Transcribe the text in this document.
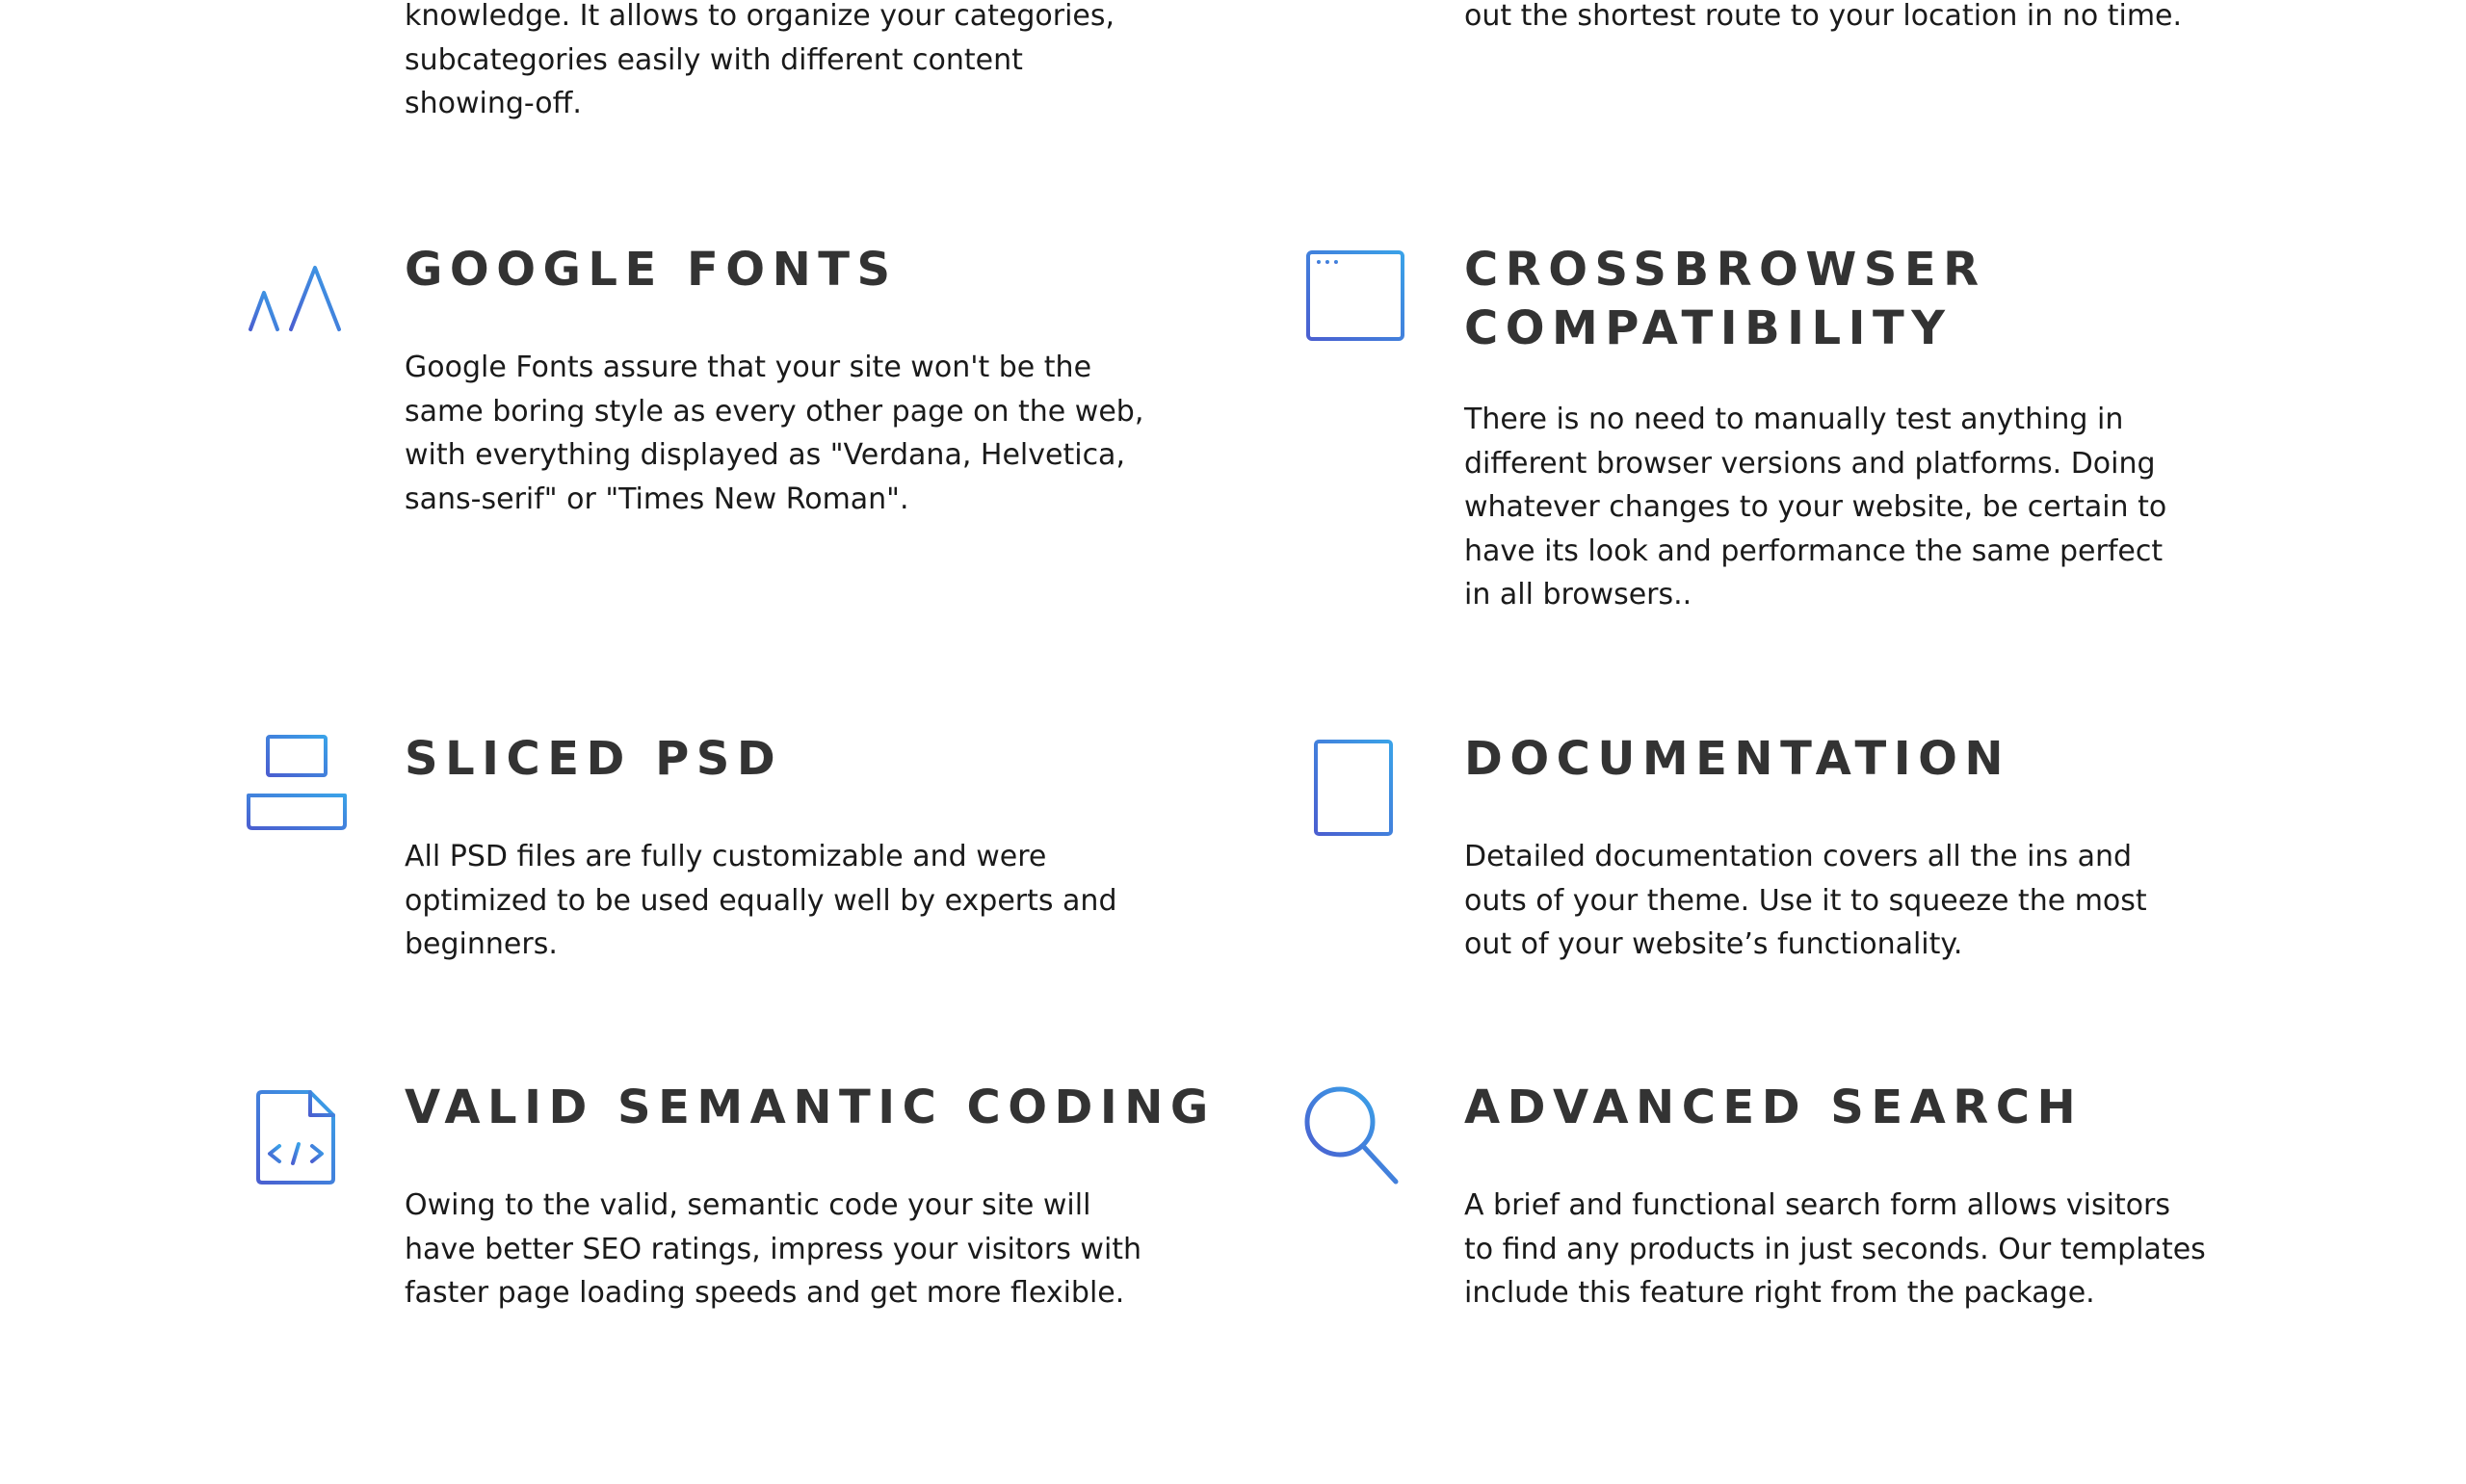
knowledge. It allows to organize your categories,
subcategories easily with different content
showing-off.

out the shortest route to your location in no time.

GOOGLE FONTS

Google Fonts assure that your site won't be the
same boring style as every other page on the web,
with everything displayed as "Verdana, Helvetica,
sans-serif" or "Times New Roman".

CROSSBROWSER
COMPATIBILITY

There is no need to manually test anything in
different browser versions and platforms. Doing
whatever changes to your website, be certain to
have its look and performance the same perfect
in all browsers..

SLICED PSD

All PSD files are fully customizable and were
optimized to be used equally well by experts and
beginners.

DOCUMENTATION

Detailed documentation covers all the ins and
outs of your theme. Use it to squeeze the most
out of your website’s functionality.

VALID SEMANTIC CODING

Owing to the valid, semantic code your site will
have better SEO ratings, impress your visitors with
faster page loading speeds and get more flexible.

ADVANCED SEARCH

A brief and functional search form allows visitors
to find any products in just seconds. Our templates
include this feature right from the package.
